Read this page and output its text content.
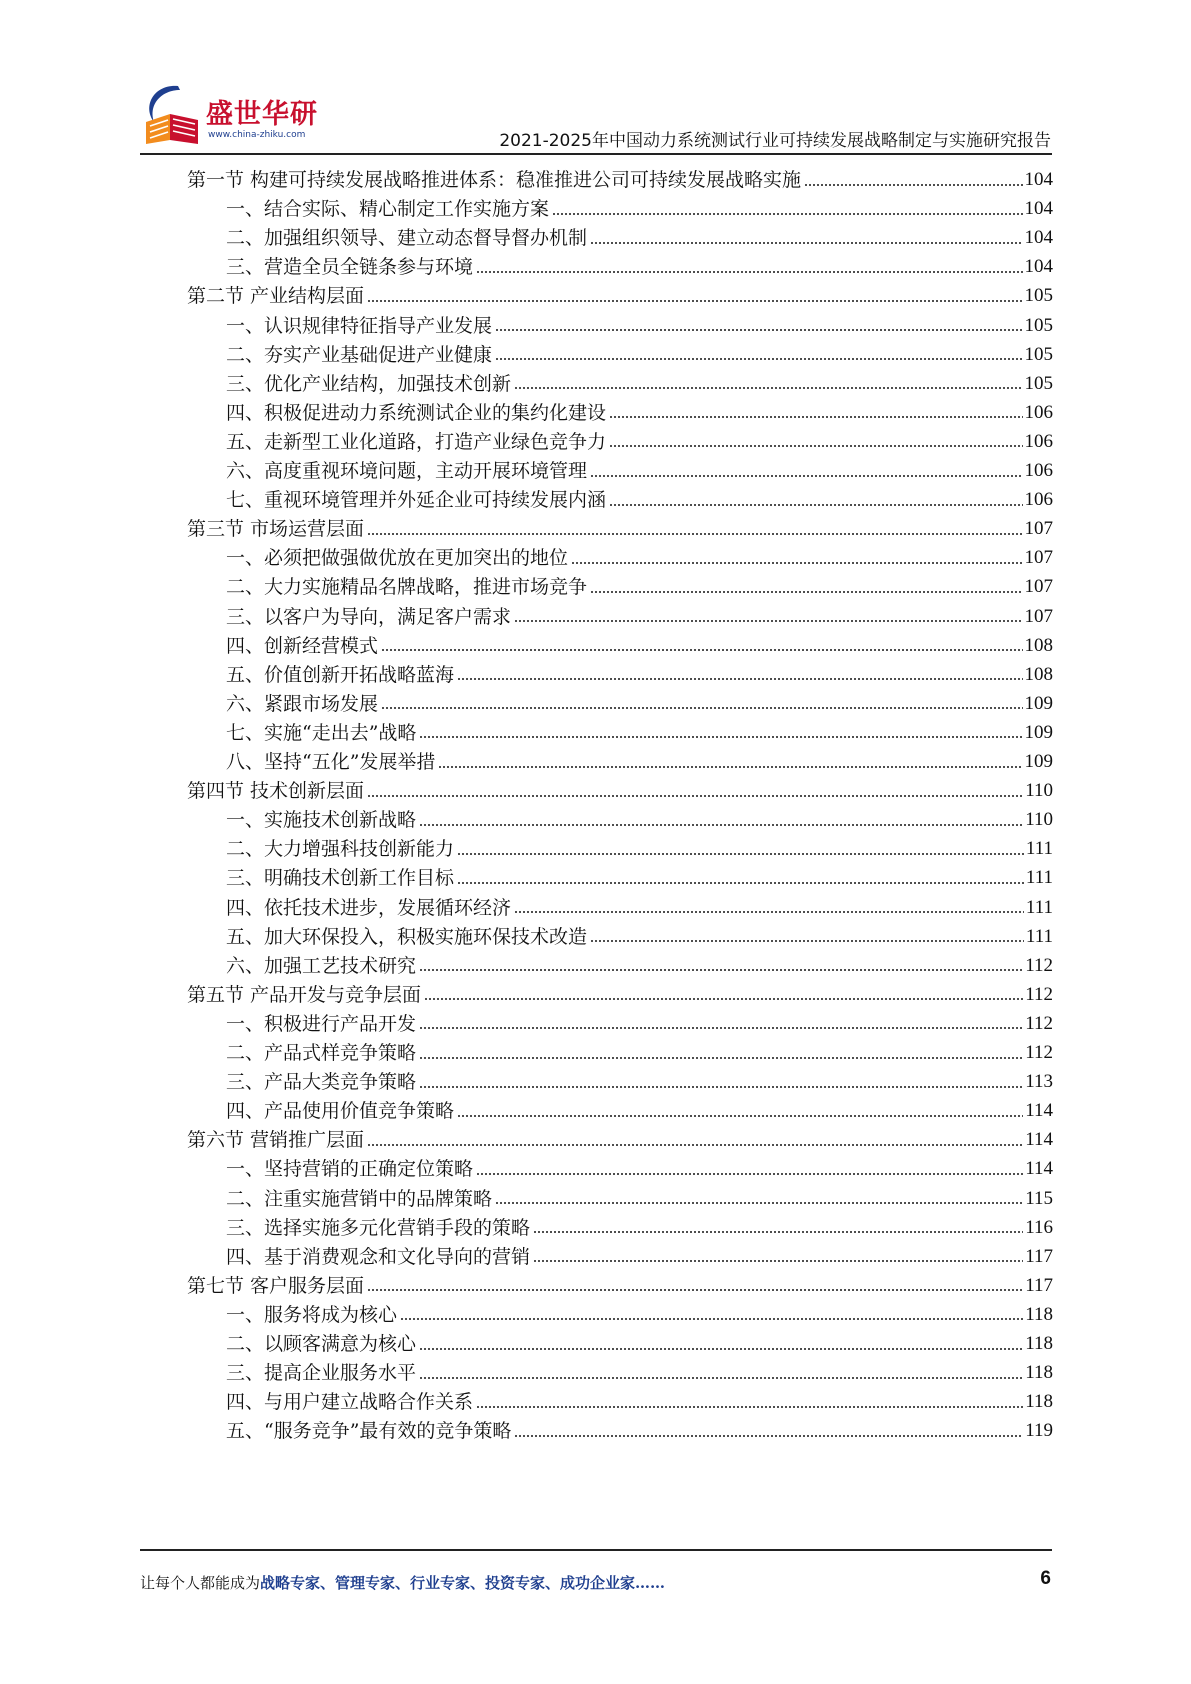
盛世华研
www.china-zhiku.com	2021-2025年中国动力系统测试行业可持续发展战略制定与实施研究报告
第一节 构建可持续发展战略推进体系：稳准推进公司可持续发展战略实施	104
一、结合实际、精心制定工作实施方案	104
二、加强组织领导、建立动态督导督办机制	104
三、营造全员全链条参与环境	104
第二节 产业结构层面	105
一、认识规律特征指导产业发展	105
二、夯实产业基础促进产业健康	105
三、优化产业结构，加强技术创新	105
四、积极促进动力系统测试企业的集约化建设	106
五、走新型工业化道路，打造产业绿色竞争力	106
六、高度重视环境问题，主动开展环境管理	106
七、重视环境管理并外延企业可持续发展内涵	106
第三节 市场运营层面	107
一、必须把做强做优放在更加突出的地位	107
二、大力实施精品名牌战略，推进市场竞争	107
三、以客户为导向，满足客户需求	107
四、创新经营模式	108
五、价值创新开拓战略蓝海	108
六、紧跟市场发展	109
七、实施“走出去”战略	109
八、坚持“五化”发展举措	109
第四节 技术创新层面	110
一、实施技术创新战略	110
二、大力增强科技创新能力	111
三、明确技术创新工作目标	111
四、依托技术进步，发展循环经济	111
五、加大环保投入，积极实施环保技术改造	111
六、加强工艺技术研究	112
第五节 产品开发与竞争层面	112
一、积极进行产品开发	112
二、产品式样竞争策略	112
三、产品大类竞争策略	113
四、产品使用价值竞争策略	114
第六节 营销推广层面	114
一、坚持营销的正确定位策略	114
二、注重实施营销中的品牌策略	115
三、选择实施多元化营销手段的策略	116
四、基于消费观念和文化导向的营销	117
第七节 客户服务层面	117
一、服务将成为核心	118
二、以顾客满意为核心	118
三、提高企业服务水平	118
四、与用户建立战略合作关系	118
五、“服务竞争”最有效的竞争策略	119
让每个人都能成为战略专家、管理专家、行业专家、投资专家、成功企业家……	6
